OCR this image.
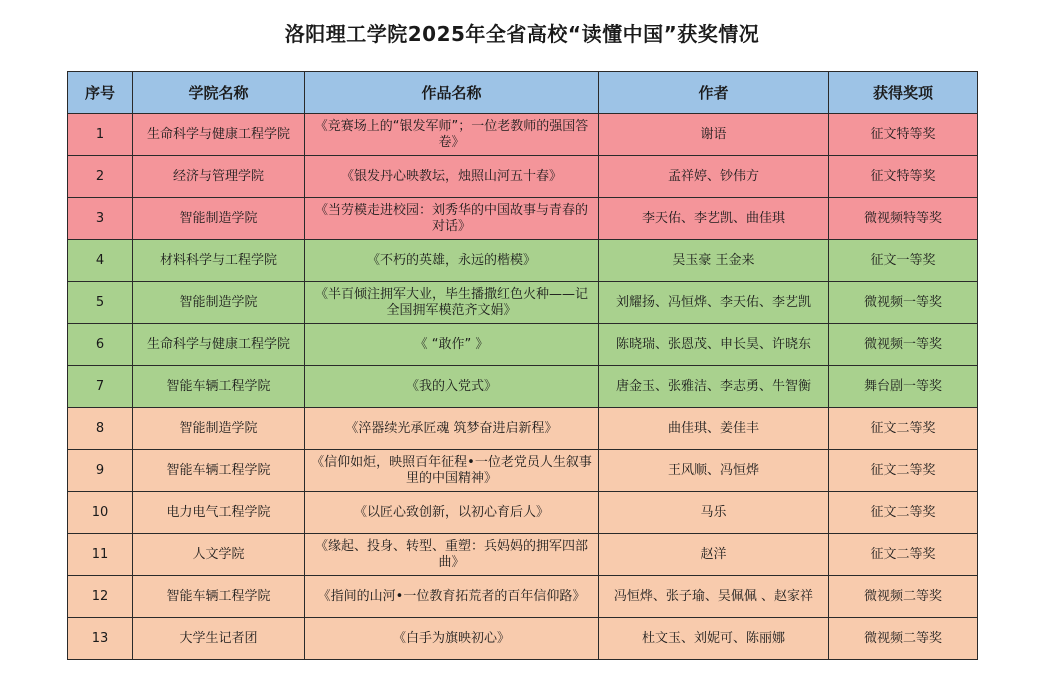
洛阳理工学院2025年全省高校“读懂中国”获奖情况
序号	学院名称	作品名称	作者	获得奖项
1	生命科学与健康工程学院	《竞赛场上的“银发军师”；一位老教师的强国答卷》	谢语	征文特等奖
2	经济与管理学院	《银发丹心映教坛，烛照山河五十春》	孟祥婷、钞伟方	征文特等奖
3	智能制造学院	《当劳模走进校园：刘秀华的中国故事与青春的对话》	李天佑、李艺凯、曲佳琪	微视频特等奖
4	材料科学与工程学院	《不朽的英雄，永远的楷模》	吴玉豪 王金来	征文一等奖
5	智能制造学院	《半百倾注拥军大业，毕生播撒红色火种——记全国拥军模范齐文娟》	刘耀扬、冯恒烨、李天佑、李艺凯	微视频一等奖
6	生命科学与健康工程学院	《 “敢作” 》	陈晓瑞、张恩茂、申长昊、许晓东	微视频一等奖
7	智能车辆工程学院	《我的入党式》	唐金玉、张雅洁、李志勇、牛智衡	舞台剧一等奖
8	智能制造学院	《淬器续光承匠魂 筑梦奋进启新程》	曲佳琪、姜佳丰	征文二等奖
9	智能车辆工程学院	《信仰如炬，映照百年征程•一位老党员人生叙事里的中国精神》	王风顺、冯恒烨	征文二等奖
10	电力电气工程学院	《以匠心致创新，以初心育后人》	马乐	征文二等奖
11	人文学院	《缘起、投身、转型、重塑：兵妈妈的拥军四部曲》	赵洋	征文二等奖
12	智能车辆工程学院	《指间的山河•一位教育拓荒者的百年信仰路》	冯恒烨、张子瑜、吴佩佩 、赵家祥	微视频二等奖
13	大学生记者团	《白手为旗映初心》	杜文玉、刘妮可、陈丽娜	微视频二等奖
